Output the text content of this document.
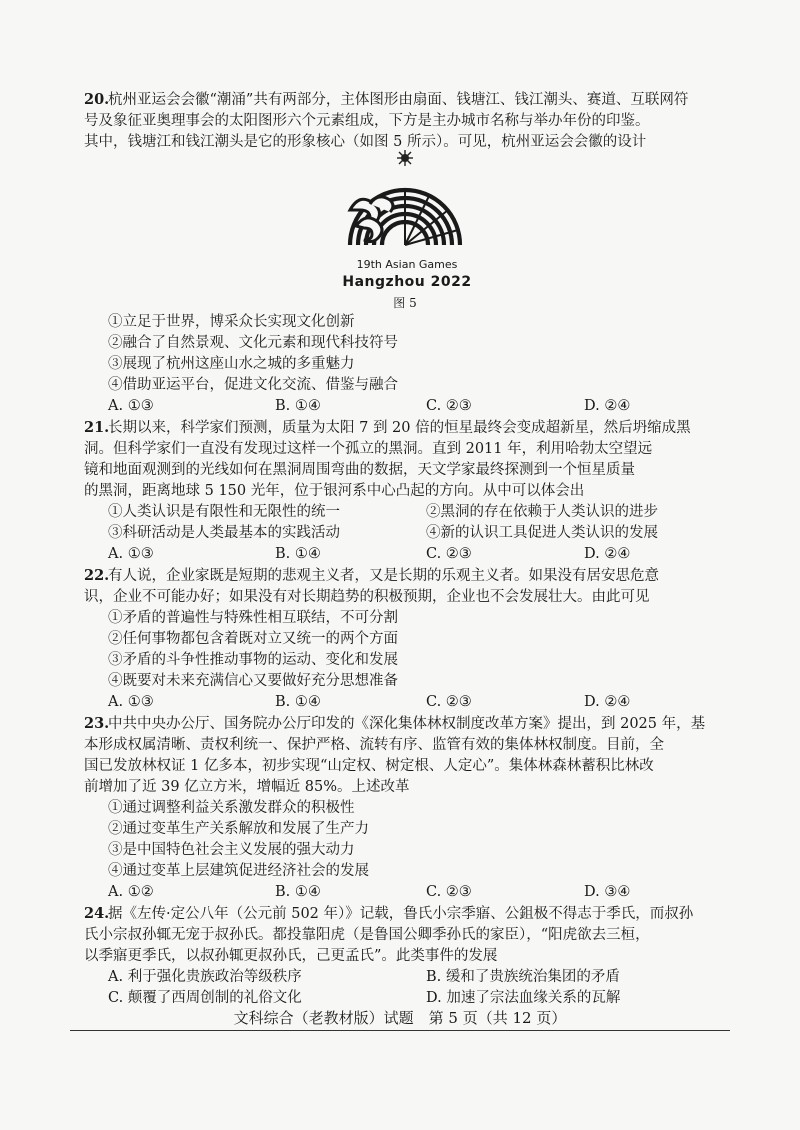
20.
杭州亚运会会徽“潮涌”共有两部分，主体图形由扇面、钱塘江、钱江潮头、赛道、互联网符
号及象征亚奥理事会的太阳图形六个元素组成，下方是主办城市名称与举办年份的印鉴。
其中，钱塘江和钱江潮头是它的形象核心（如图 5 所示）。可见，杭州亚运会会徽的设计
19th Asian Games
Hangzhou 2022
图 5
①立足于世界，博采众长实现文化创新
②融合了自然景观、文化元素和现代科技符号
③展现了杭州这座山水之城的多重魅力
④借助亚运平台，促进文化交流、借鉴与融合
A. ①③	B. ①④	C. ②③	D. ②④
21.
长期以来，科学家们预测，质量为太阳 7 到 20 倍的恒星最终会变成超新星，然后坍缩成黑
洞。但科学家们一直没有发现过这样一个孤立的黑洞。直到 2011 年，利用哈勃太空望远
镜和地面观测到的光线如何在黑洞周围弯曲的数据，天文学家最终探测到一个恒星质量
的黑洞，距离地球 5 150 光年，位于银河系中心凸起的方向。从中可以体会出
①人类认识是有限性和无限性的统一	②黑洞的存在依赖于人类认识的进步
③科研活动是人类最基本的实践活动	④新的认识工具促进人类认识的发展
A. ①③	B. ①④	C. ②③	D. ②④
22.
有人说，企业家既是短期的悲观主义者，又是长期的乐观主义者。如果没有居安思危意
识，企业不可能办好；如果没有对长期趋势的积极预期，企业也不会发展壮大。由此可见
①矛盾的普遍性与特殊性相互联结，不可分割
②任何事物都包含着既对立又统一的两个方面
③矛盾的斗争性推动事物的运动、变化和发展
④既要对未来充满信心又要做好充分思想准备
A. ①③	B. ①④	C. ②③	D. ②④
23.
中共中央办公厅、国务院办公厅印发的《深化集体林权制度改革方案》提出，到 2025 年，基
本形成权属清晰、责权利统一、保护严格、流转有序、监管有效的集体林权制度。目前，全
国已发放林权证 1 亿多本，初步实现“山定权、树定根、人定心”。集体林森林蓄积比林改
前增加了近 39 亿立方米，增幅近 85%。上述改革
①通过调整利益关系激发群众的积极性
②通过变革生产关系解放和发展了生产力
③是中国特色社会主义发展的强大动力
④通过变革上层建筑促进经济社会的发展
A. ①②	B. ①④	C. ②③	D. ③④
24.
据《左传·定公八年（公元前 502 年）》记载，鲁氏小宗季寤、公鉏极不得志于季氏，而叔孙
氏小宗叔孙辄无宠于叔孙氏。都投靠阳虎（是鲁国公卿季孙氏的家臣），“阳虎欲去三桓，
以季寤更季氏，以叔孙辄更叔孙氏，己更孟氏”。此类事件的发展
A. 利于强化贵族政治等级秩序	B. 缓和了贵族统治集团的矛盾
C. 颠覆了西周创制的礼俗文化	D. 加速了宗法血缘关系的瓦解
文科综合（老教材版）试题　第 5 页（共 12 页）
